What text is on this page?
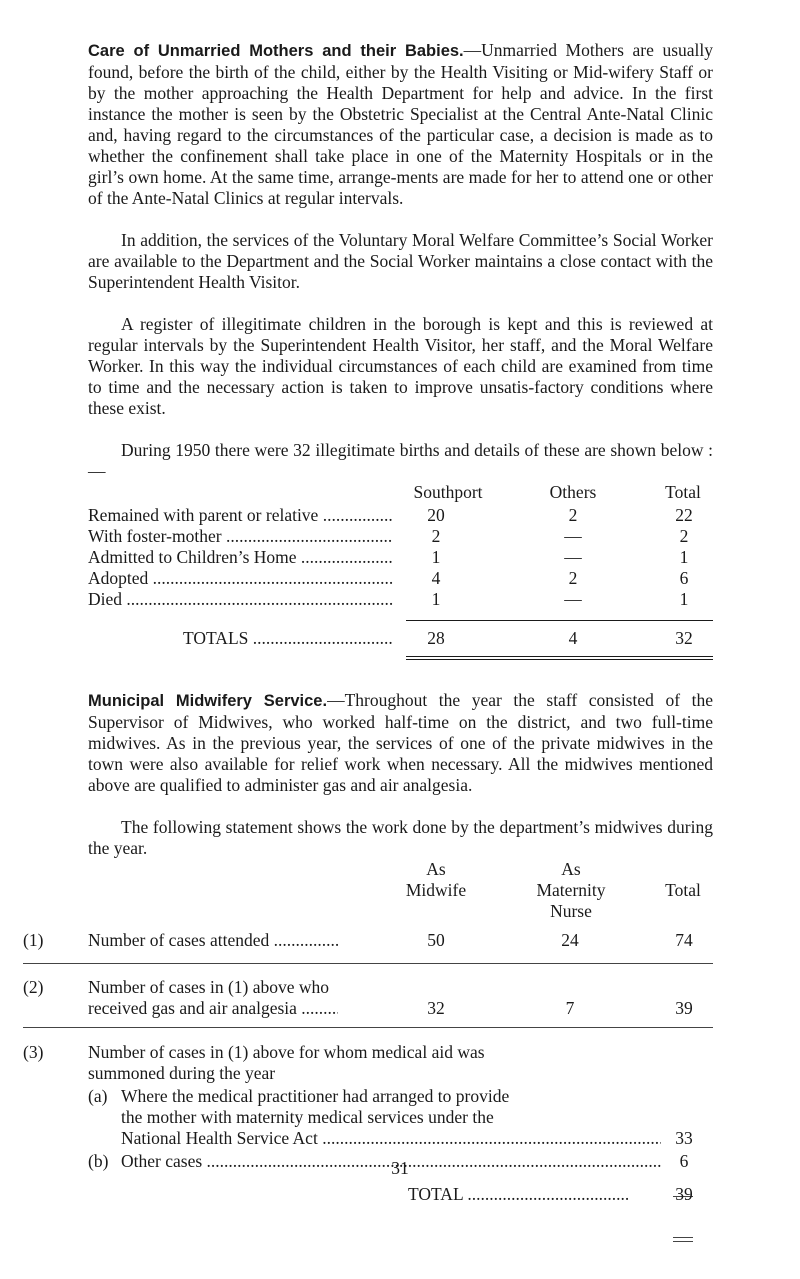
Care of Unmarried Mothers and their Babies.—Unmarried Mothers are usually found, before the birth of the child, either by the Health Visiting or Mid-wifery Staff or by the mother approaching the Health Department for help and advice. In the first instance the mother is seen by the Obstetric Specialist at the Central Ante-Natal Clinic and, having regard to the circumstances of the particular case, a decision is made as to whether the confinement shall take place in one of the Maternity Hospitals or in the girl’s own home. At the same time, arrange-ments are made for her to attend one or other of the Ante-Natal Clinics at regular intervals.

In addition, the services of the Voluntary Moral Welfare Committee’s Social Worker are available to the Department and the Social Worker maintains a close contact with the Superintendent Health Visitor.

A register of illegitimate children in the borough is kept and this is reviewed at regular intervals by the Superintendent Health Visitor, her staff, and the Moral Welfare Worker. In this way the individual circumstances of each child are examined from time to time and the necessary action is taken to improve unsatis-factory conditions where these exist.

During 1950 there were 32 illegitimate births and details of these are shown below :—

Southport	Others	Total
Remained with parent or relative .....	20	2	22
With foster-mother .....	2	—	2
Admitted to Children’s Home .....	1	—	1
Adopted .....	4	2	6
Died .....	1	—	1
TOTALS .....	28	4	32

Municipal Midwifery Service.—Throughout the year the staff consisted of the Supervisor of Midwives, who worked half-time on the district, and two full-time midwives. As in the previous year, the services of one of the private midwives in the town were also available for relief work when necessary. All the midwives mentioned above are qualified to administer gas and air analgesia.

The following statement shows the work done by the department’s midwives during the year.

As	As
Midwife	Maternity	Total
Nurse
(1)	Number of cases attended .....	50	24	74
(2)	Number of cases in (1) above who
received gas and air analgesia .....	32	7	39
(3)	Number of cases in (1) above for whom medical aid was
summoned during the year
(a) Where the medical practitioner had arranged to provide
the mother with maternity medical services under the
National Health Service Act .....	33
(b) Other cases .....	6
TOTAL .....	39
31
